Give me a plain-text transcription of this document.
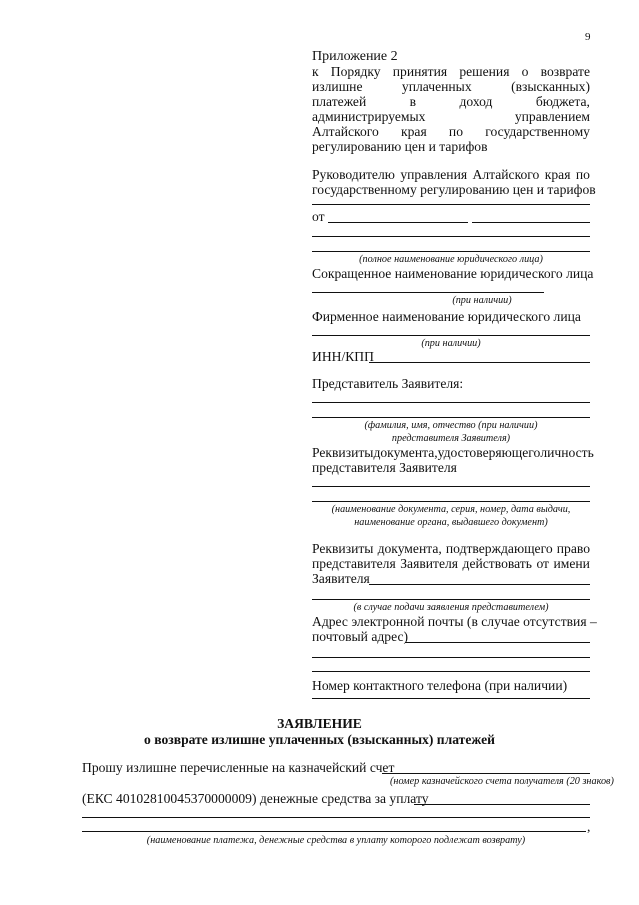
9
Приложение 2
к Порядку принятия решения о возврате
излишне	уплаченных	(взысканных)
платежей	в	доход	бюджета,
администрируемых	управлением
Алтайского края по государственному
регулированию цен и тарифов
Руководителю управления Алтайского края по
государственному регулированию цен и тарифов
от
(полное наименование юридического лица)
Сокращенное наименование юридического лица
(при наличии)
Фирменное наименование юридического лица
(при наличии)
ИНН/КПП
Представитель Заявителя:
(фамилия, имя, отчество (при наличии)
представителя Заявителя)
Реквизиты документа, удостоверяющего личность
представителя Заявителя
(наименование документа, серия, номер, дата выдачи,
наименование органа, выдавшего документ)
Реквизиты документа, подтверждающего право
представителя Заявителя действовать от имени
Заявителя
(в случае подачи заявления представителем)
Адрес электронной почты (в случае отсутствия –
почтовый адрес)
Номер контактного телефона (при наличии)
ЗАЯВЛЕНИЕ
о возврате излишне уплаченных (взысканных) платежей
Прошу излишне перечисленные на казначейский счет
(номер казначейского счета получателя (20 знаков)
(ЕКС 40102810045370000009) денежные средства за уплату
,
(наименование платежа, денежные средства в уплату которого подлежат возврату)
